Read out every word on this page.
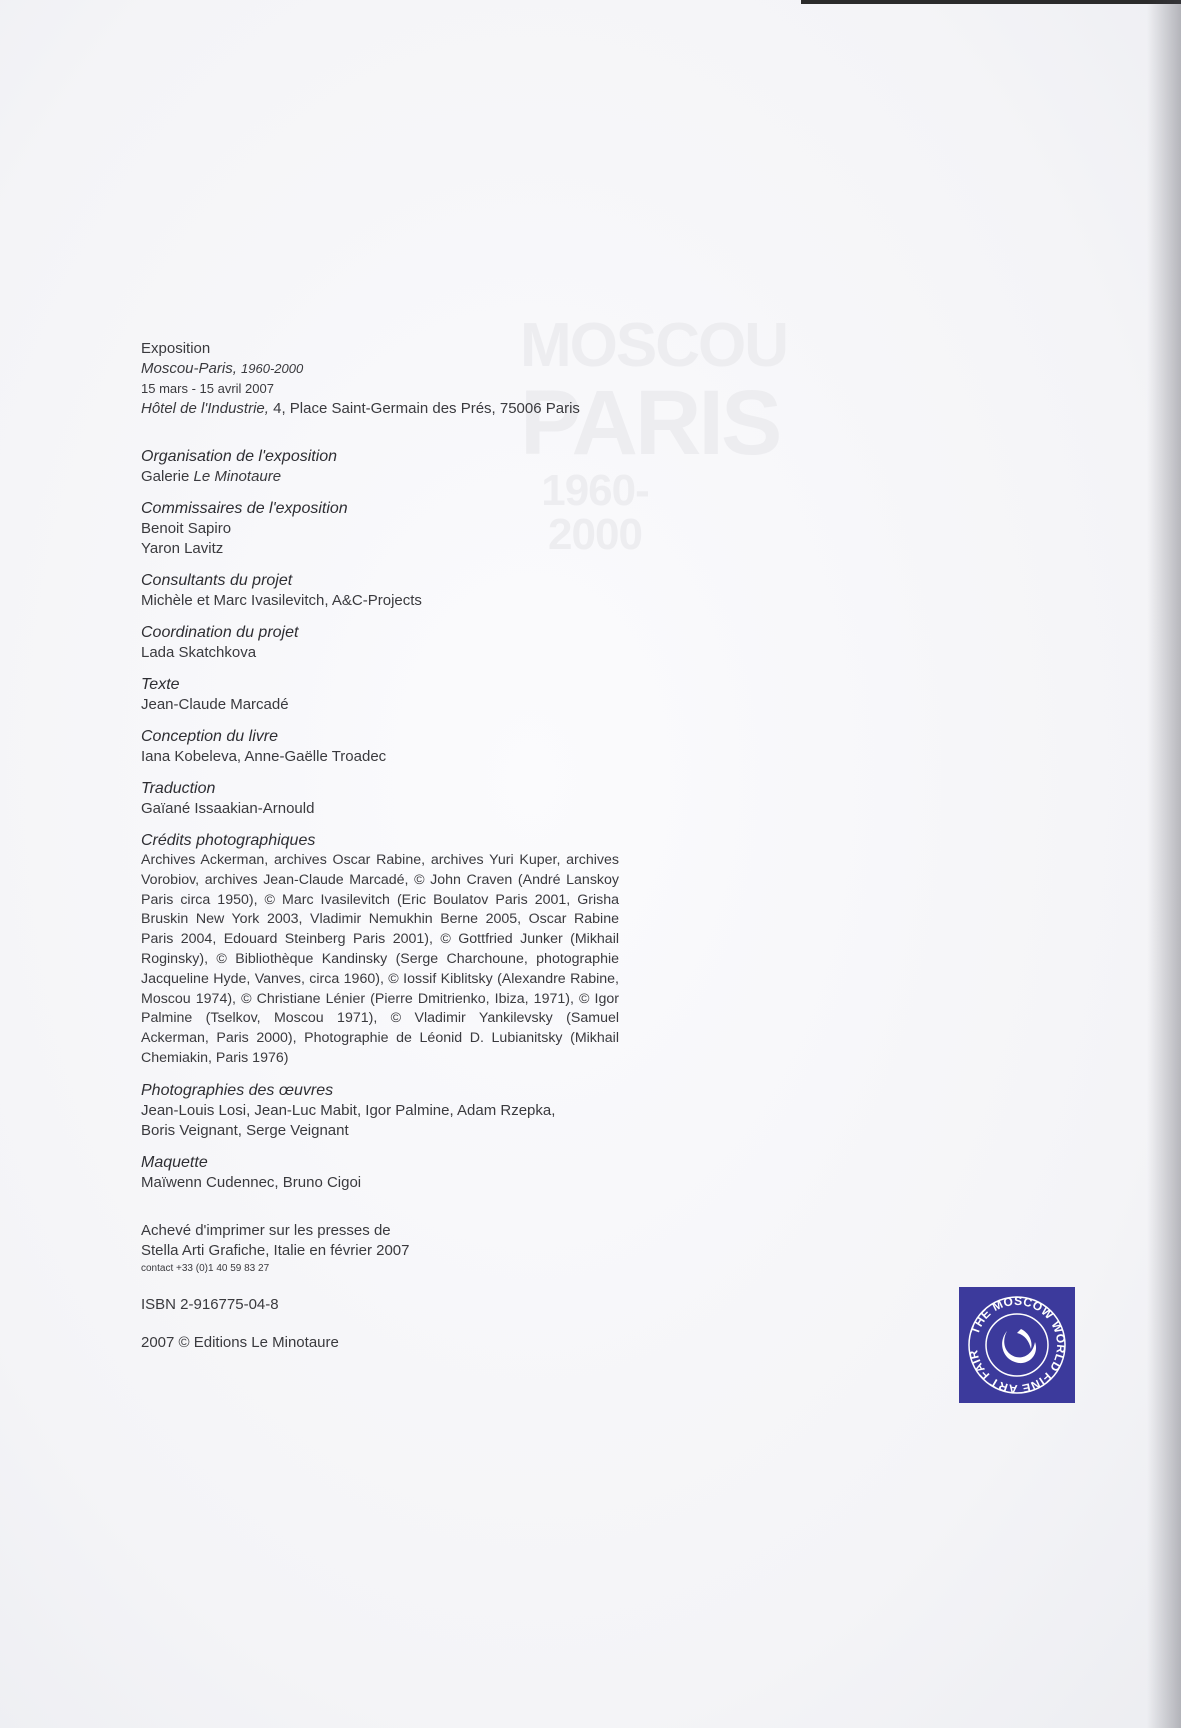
MOSCOU
PARIS
1960-2000
Exposition
Moscou-Paris, 1960-2000
15 mars - 15 avril 2007
Hôtel de l'Industrie, 4, Place Saint-Germain des Prés, 75006 Paris
Organisation de l'exposition
Galerie Le Minotaure
Commissaires de l'exposition
Benoit Sapiro
Yaron Lavitz
Consultants du projet
Michèle et Marc Ivasilevitch, A&C-Projects
Coordination du projet
Lada Skatchkova
Texte
Jean-Claude Marcadé
Conception du livre
Iana Kobeleva, Anne-Gaëlle Troadec
Traduction
Gaïané Issaakian-Arnould
Crédits photographiques
Archives Ackerman, archives Oscar Rabine, archives Yuri Kuper, archives Vorobiov, archives Jean-Claude Marcadé, © John Craven (André Lanskoy Paris circa 1950), © Marc Ivasilevitch (Eric Boulatov Paris 2001, Grisha Bruskin New York 2003, Vladimir Nemukhin Berne 2005, Oscar Rabine Paris 2004, Edouard Steinberg Paris 2001), © Gottfried Junker (Mikhail Roginsky), © Bibliothèque Kandinsky (Serge Charchoune, photographie Jacqueline Hyde, Vanves, circa 1960), © Iossif Kiblitsky (Alexandre Rabine, Moscou 1974), © Christiane Lénier (Pierre Dmitrienko, Ibiza, 1971), © Igor Palmine (Tselkov, Moscou 1971), © Vladimir Yankilevsky (Samuel Ackerman, Paris 2000), Photographie de Léonid D. Lubianitsky (Mikhail Chemiakin, Paris 1976)
Photographies des œuvres
Jean-Louis Losi, Jean-Luc Mabit, Igor Palmine, Adam Rzepka,
Boris Veignant, Serge Veignant
Maquette
Maïwenn Cudennec, Bruno Cigoi
Achevé d'imprimer sur les presses de
Stella Arti Grafiche, Italie en février 2007
contact +33 (0)1 40 59 83 27
ISBN 2-916775-04-8
2007 © Editions Le Minotaure
THE MOSCOW WORLD FINE ART FAIR
